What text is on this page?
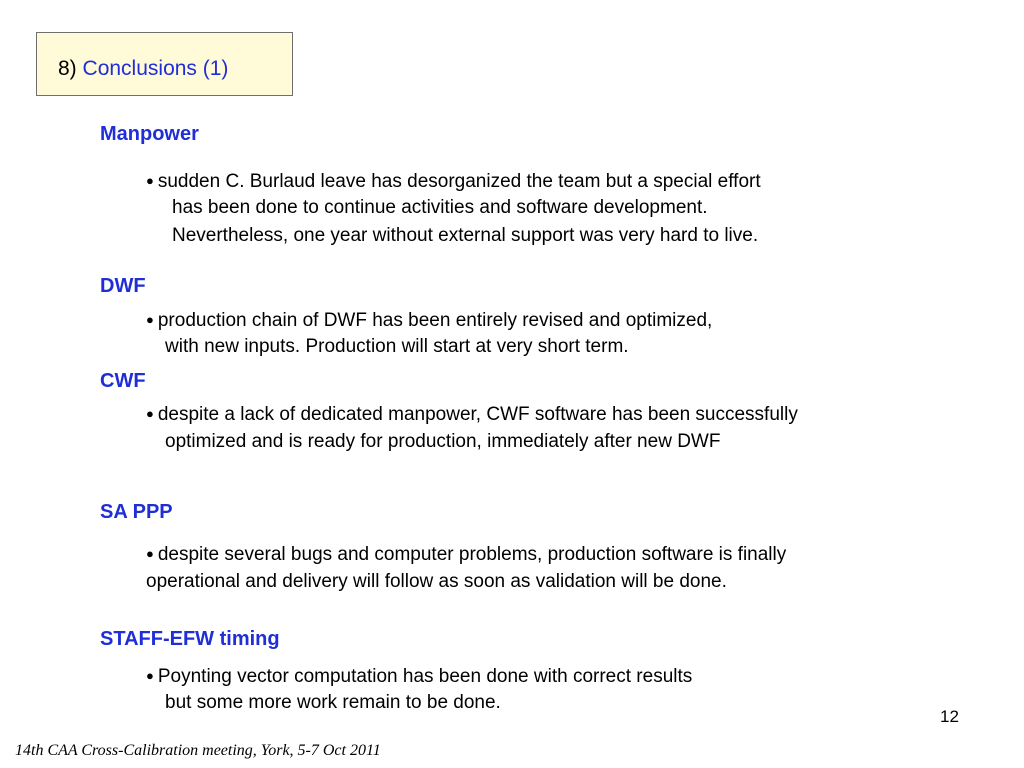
8) Conclusions (1)
Manpower
● sudden C. Burlaud leave has desorganized the team but a special effort
has been done to continue activities and software development.
Nevertheless, one year without external support was very hard to live.
DWF
● production chain of DWF has been entirely revised and optimized,
with new inputs. Production will start at very short term.
CWF
● despite a lack of dedicated manpower, CWF software has been successfully
optimized and is ready for production, immediately after new DWF
SA PPP
● despite several bugs and computer problems, production software is finally
operational and delivery will follow as soon as validation will be done.
STAFF-EFW timing
● Poynting vector computation has been done with correct results
but some more work remain to be done.
12
14th CAA Cross-Calibration meeting, York, 5-7 Oct 2011
